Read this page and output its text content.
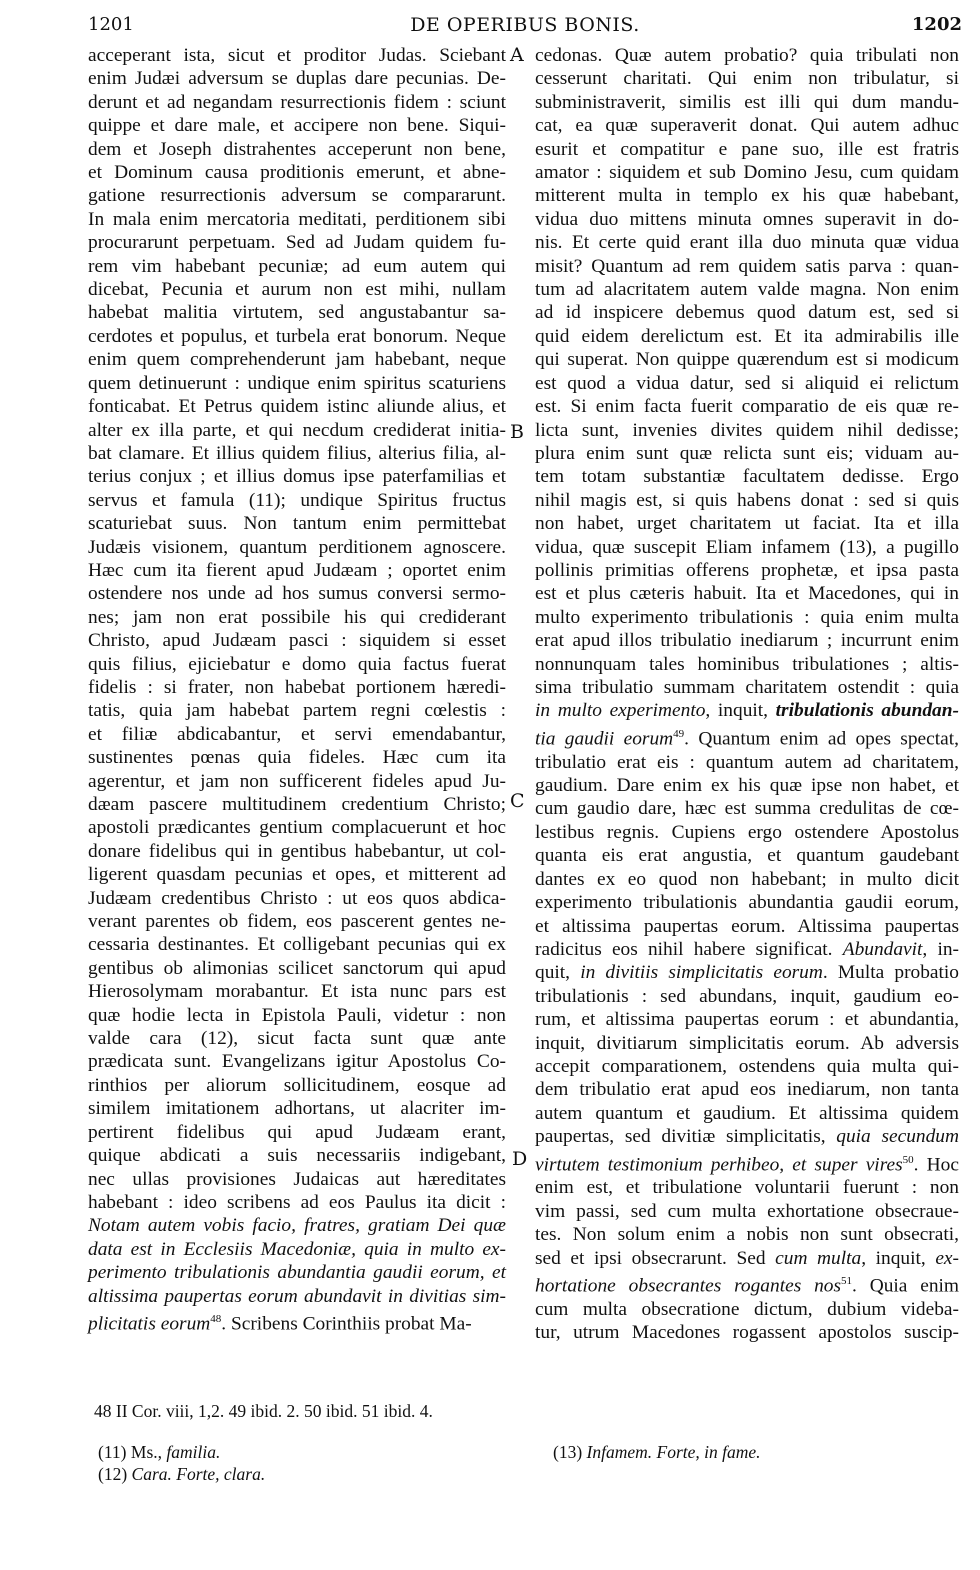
1201	DE OPERIBUS BONIS.	1202
A
B
C
D

acceperant ista, sicut et proditor Judas. Sciebant
enim Judæi adversum se duplas dare pecunias. De-
derunt et ad negandam resurrectionis fidem : sciunt
quippe et dare male, et accipere non bene. Siqui-
dem et Joseph distrahentes acceperunt non bene,
et Dominum causa proditionis emerunt, et abne-
gatione resurrectionis adversum se compararunt.
In mala enim mercatoria meditati, perditionem sibi
procurarunt perpetuam. Sed ad Judam quidem fu-
rem vim habebant pecuniæ; ad eum autem qui
dicebat, Pecunia et aurum non est mihi, nullam
habebat malitia virtutem, sed angustabantur sa-
cerdotes et populus, et turbela erat bonorum. Neque
enim quem comprehenderunt jam habebant, neque
quem detinuerunt : undique enim spiritus scaturiens
fonticabat. Et Petrus quidem istinc aliunde alius, et
alter ex illa parte, et qui necdum crediderat initia-
bat clamare. Et illius quidem filius, alterius filia, al-
terius conjux ; et illius domus ipse paterfamilias et
servus et famula (11); undique Spiritus fructus
scaturiebat suus. Non tantum enim permittebat
Judæis visionem, quantum perditionem agnoscere.
Hæc cum ita fierent apud Judæam ; oportet enim
ostendere nos unde ad hos sumus conversi sermo-
nes; jam non erat possibile his qui crediderant
Christo, apud Judæam pasci : siquidem si esset
quis filius, ejiciebatur e domo quia factus fuerat
fidelis : si frater, non habebat portionem hæredi-
tatis, quia jam habebat partem regni cœlestis :
et filiæ abdicabantur, et servi emendabantur,
sustinentes pœnas quia fideles. Hæc cum ita
agerentur, et jam non sufficerent fideles apud Ju-
dæam pascere multitudinem credentium Christo;
apostoli prædicantes gentium complacuerunt et hoc
donare fidelibus qui in gentibus habebantur, ut col-
ligerent quasdam pecunias et opes, et mitterent ad
Judæam credentibus Christo : ut eos quos abdica-
verant parentes ob fidem, eos pascerent gentes ne-
cessaria destinantes. Et colligebant pecunias qui ex
gentibus ob alimonias scilicet sanctorum qui apud
Hierosolymam morabantur. Et ista nunc pars est
quæ hodie lecta in Epistola Pauli, videtur : non
valde cara (12), sicut facta sunt quæ ante
prædicata sunt. Evangelizans igitur Apostolus Co-
rinthios per aliorum sollicitudinem, eosque ad
similem imitationem adhortans, ut alacriter im-
pertirent fidelibus qui apud Judæam erant,
quique abdicati a suis necessariis indigebant,
nec ullas provisiones Judaicas aut hæreditates
habebant : ideo scribens ad eos Paulus ita dicit :
Notam autem vobis facio, fratres, gratiam Dei quæ
data est in Ecclesiis Macedoniæ, quia in multo ex-
perimento tribulationis abundantia gaudii eorum, et
altissima paupertas eorum abundavit in divitias sim-
plicitatis eorum$^{48}$. Scribens Corinthiis probat Ma-

cedonas. Quæ autem probatio? quia tribulati non
cesserunt charitati. Qui enim non tribulatur, si
subministraverit, similis est illi qui dum mandu-
cat, ea quæ superaverit donat. Qui autem adhuc
esurit et compatitur e pane suo, ille est fratris
amator : siquidem et sub Domino Jesu, cum quidam
mitterent multa in templo ex his quæ habebant,
vidua duo mittens minuta omnes superavit in do-
nis. Et certe quid erant illa duo minuta quæ vidua
misit? Quantum ad rem quidem satis parva : quan-
tum ad alacritatem autem valde magna. Non enim
ad id inspicere debemus quod datum est, sed si
quid eidem derelictum est. Et ita admirabilis ille
qui superat. Non quippe quærendum est si modicum
est quod a vidua datur, sed si aliquid ei relictum
est. Si enim facta fuerit comparatio de eis quæ re-
licta sunt, invenies divites quidem nihil dedisse;
plura enim sunt quæ relicta sunt eis; viduam au-
tem totam substantiæ facultatem dedisse. Ergo
nihil magis est, si quis habens donat : sed si quis
non habet, urget charitatem ut faciat. Ita et illa
vidua, quæ suscepit Eliam infamem (13), a pugillo
pollinis primitias offerens prophetæ, et ipsa pasta
est et plus cæteris habuit. Ita et Macedones, qui in
multo experimento tribulationis : quia enim multa
erat apud illos tribulatio inediarum ; incurrunt enim
nonnunquam tales hominibus tribulationes ; altis-
sima tribulatio summam charitatem ostendit : quia
in multo experimento, inquit, tribulationis abundan-
tia gaudii eorum$^{49}$. Quantum enim ad opes spectat,
tribulatio erat eis : quantum autem ad charitatem,
gaudium. Dare enim ex his quæ ipse non habet, et
cum gaudio dare, hæc est summa credulitas de cœ-
lestibus regnis. Cupiens ergo ostendere Apostolus
quanta eis erat angustia, et quantum gaudebant
dantes ex eo quod non habebant; in multo dicit
experimento tribulationis abundantia gaudii eorum,
et altissima paupertas eorum. Altissima paupertas
radicitus eos nihil habere significat. Abundavit, in-
quit, in divitiis simplicitatis eorum. Multa probatio
tribulationis : sed abundans, inquit, gaudium eo-
rum, et altissima paupertas eorum : et abundantia,
inquit, divitiarum simplicitatis eorum. Ab adversis
accepit comparationem, ostendens quia multa qui-
dem tribulatio erat apud eos inediarum, non tanta
autem quantum et gaudium. Et altissima quidem
paupertas, sed divitiæ simplicitatis, quia secundum
virtutem testimonium perhibeo, et super vires$^{50}$. Hoc
enim est, et tribulatione voluntarii fuerunt : non
vim passi, sed cum multa exhortatione obsecraue-
tes. Non solum enim a nobis non sunt obsecrati,
sed et ipsi obsecrarunt. Sed cum multa, inquit, ex-
hortatione obsecrantes rogantes nos$^{51}$. Quia enim
cum multa obsecratione dictum, dubium videba-
tur, utrum Macedones rogassent apostolos suscip-

48 II Cor. viii, 1,2. 49 ibid. 2. 50 ibid. 51 ibid. 4.
(11) Ms., familia.
(12) Cara. Forte, clara.
(13) Infamem. Forte, in fame.
